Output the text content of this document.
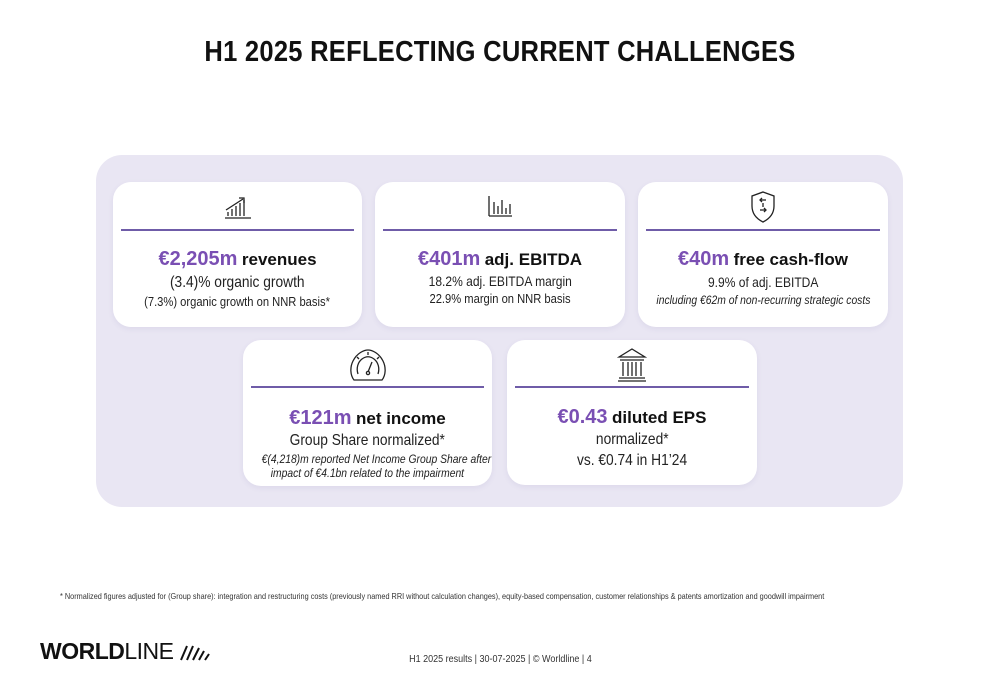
H1 2025 REFLECTING CURRENT CHALLENGES
€2,205m revenues
(3.4)% organic growth
(7.3%) organic growth on NNR basis*
€401m adj. EBITDA
18.2% adj. EBITDA margin
22.9% margin on NNR basis
€40m free cash-flow
9.9% of adj. EBITDA
including €62m of non-recurring strategic costs
€121m net income
Group Share normalized*
€(4,218)m reported Net Income Group Share after
impact of €4.1bn related to the impairment
€0.43 diluted EPS
normalized*
vs. €0.74 in H1’24
* Normalized figures adjusted for (Group share): integration and restructuring costs (previously named RRI without calculation changes), equity-based compensation, customer relationships & patents amortization and goodwill impairment
WORLD LINE	H1 2025 results | 30-07-2025 | © Worldline | 4
